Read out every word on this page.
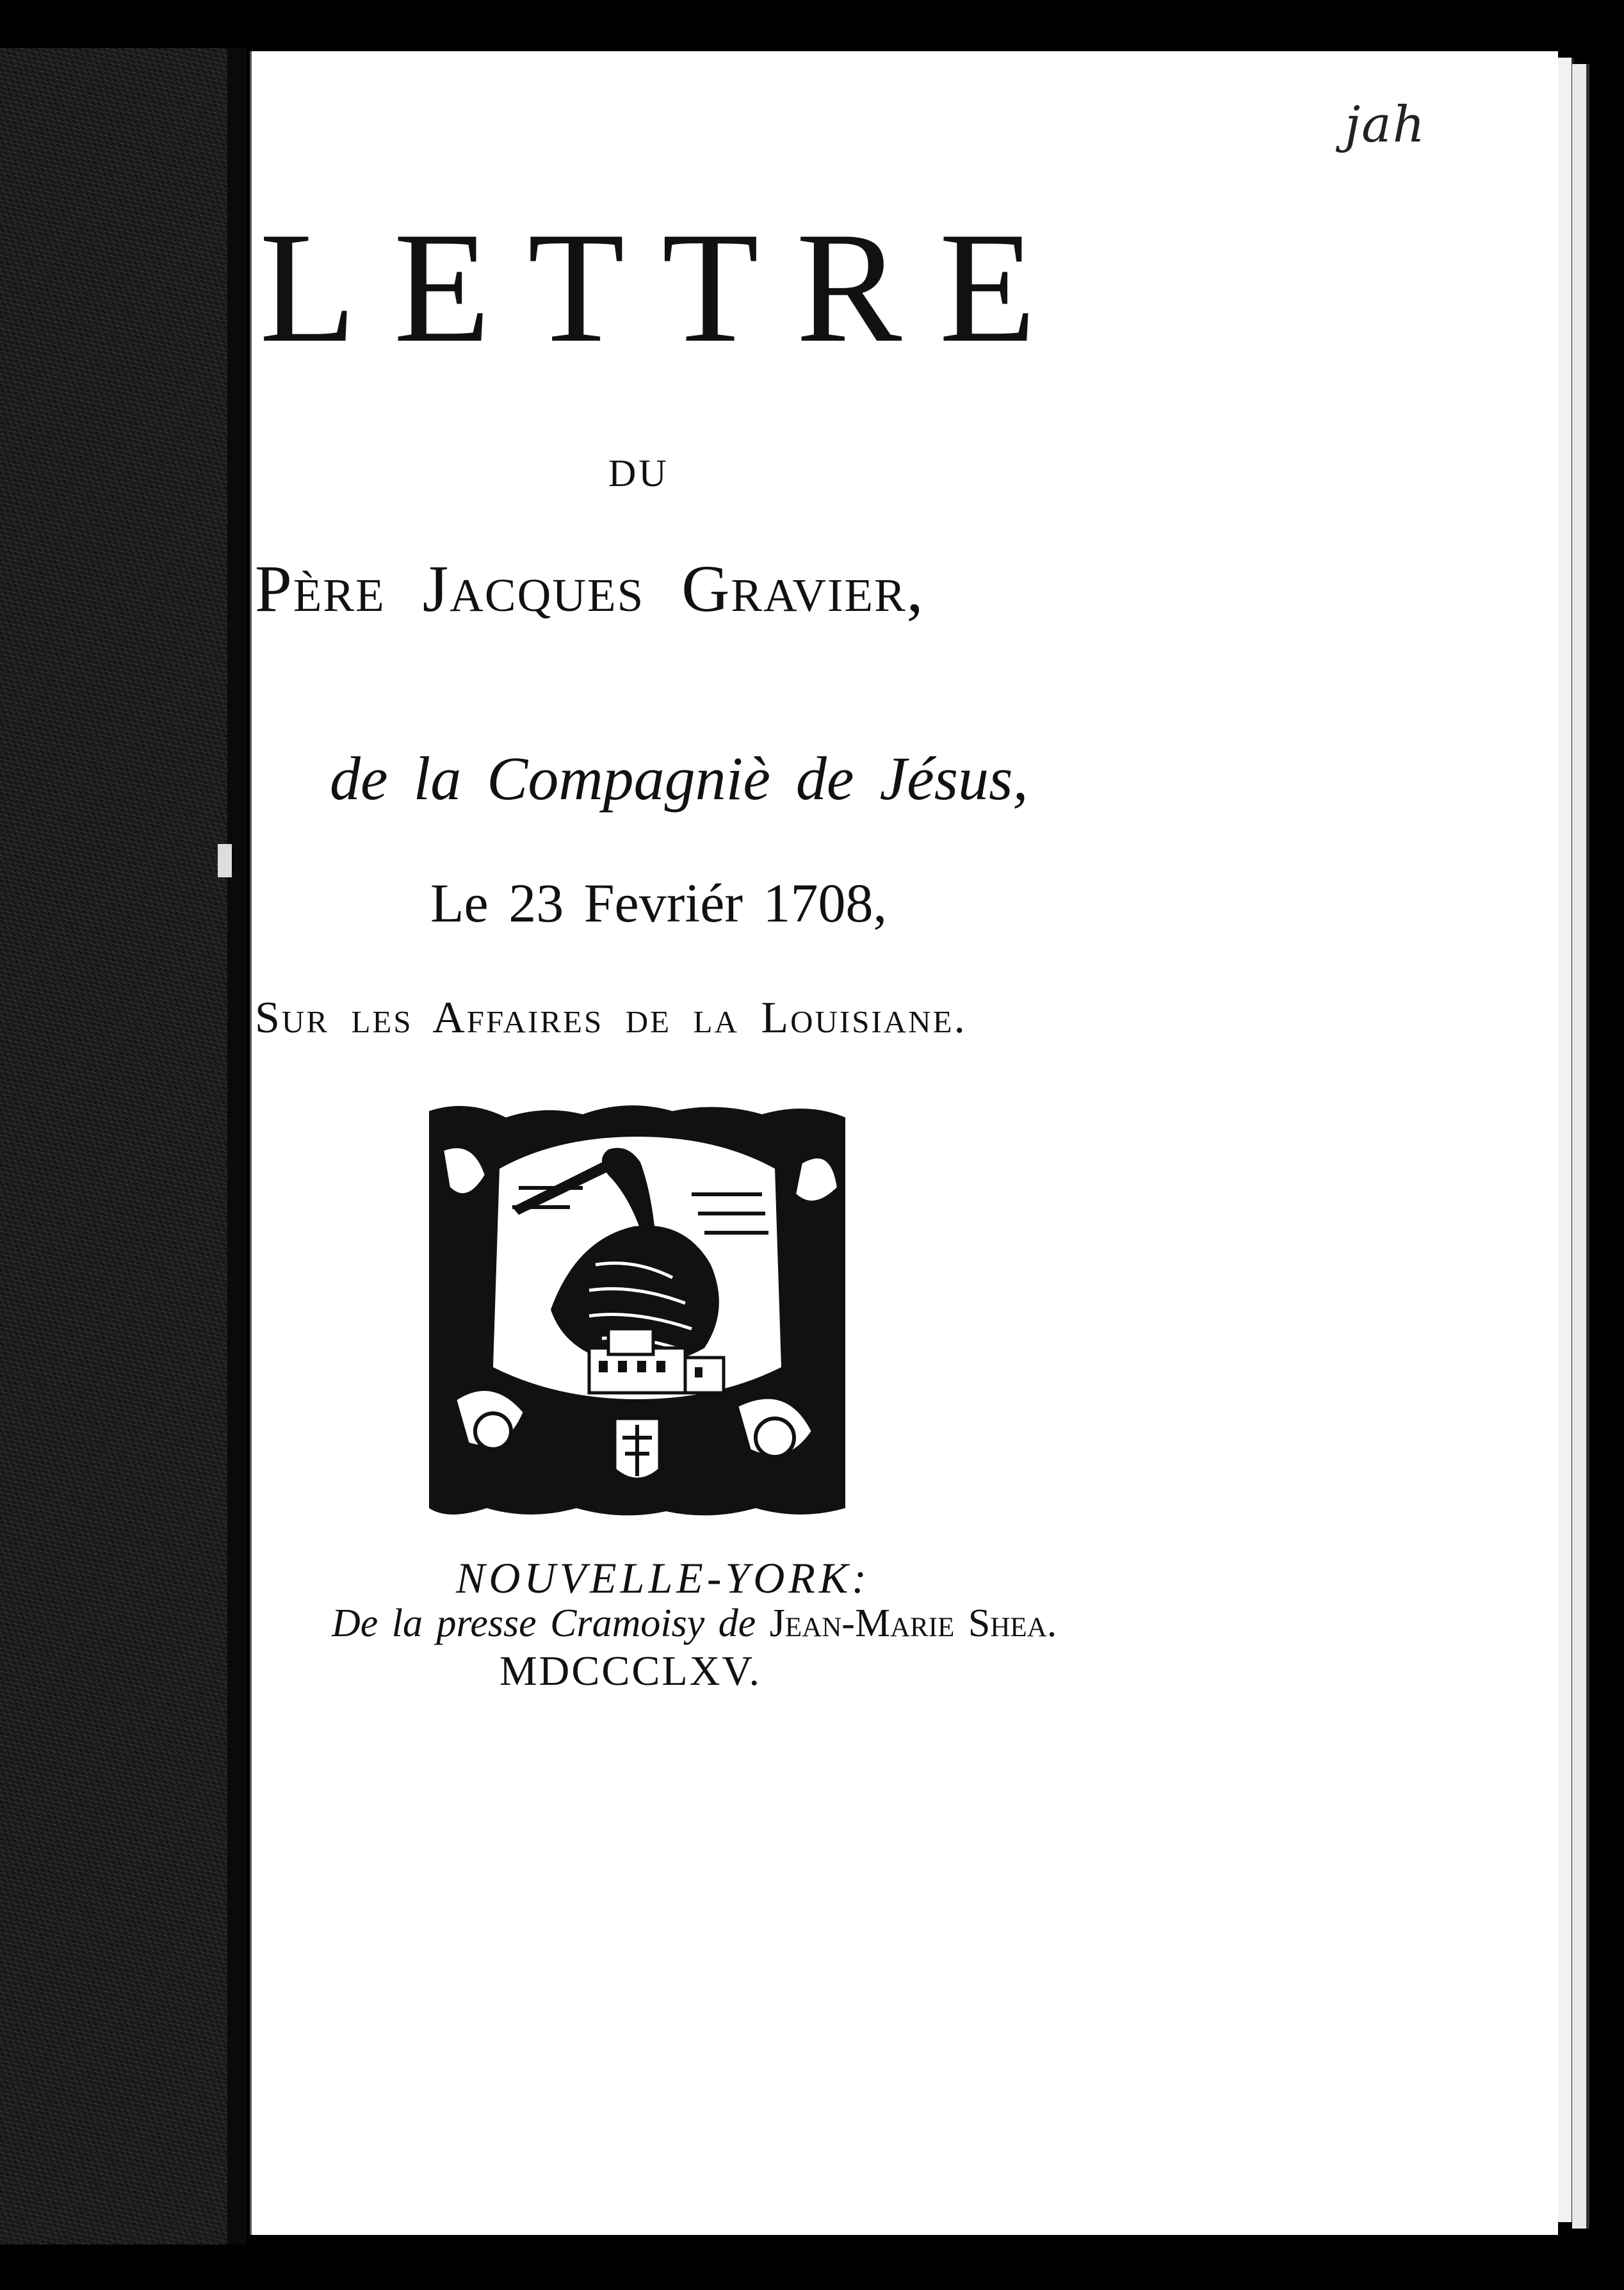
jah
LETTRE
DU
Père Jacques Gravier,
de la Compagniè de Jésus,
Le 23 Fevriér 1708,
Sur les Affaires de la Louisiane.
NOUVELLE-YORK:
De la presse Cramoisy de Jean-Marie Shea.
MDCCCLXV.
